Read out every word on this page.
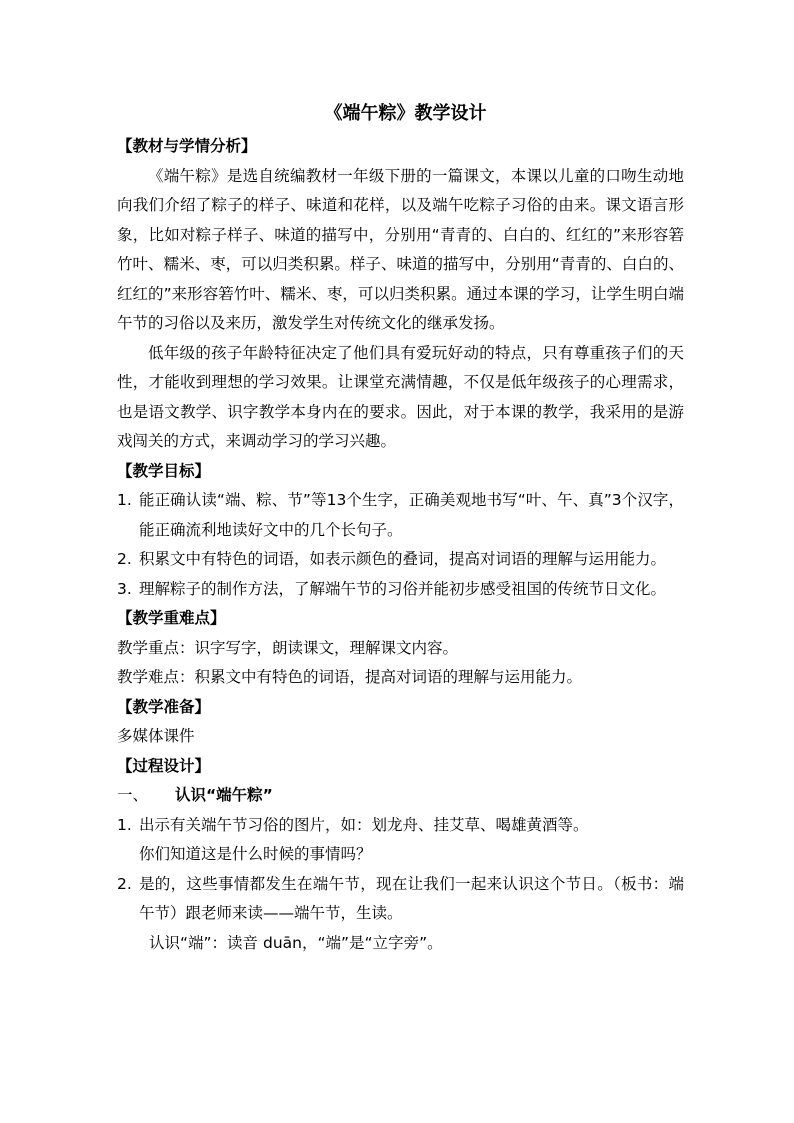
《端午粽》教学设计

【教材与学情分析】

《端午粽》是选自统编教材一年级下册的一篇课文，本课以儿童的口吻生动地向我们介绍了粽子的样子、味道和花样，以及端午吃粽子习俗的由来。课文语言形象，比如对粽子样子、味道的描写中，分别用“青青的、白白的、红红的”来形容箬竹叶、糯米、枣，可以归类积累。样子、味道的描写中，分别用“青青的、白白的、红红的”来形容箬竹叶、糯米、枣，可以归类积累。通过本课的学习，让学生明白端午节的习俗以及来历，激发学生对传统文化的继承发扬。

低年级的孩子年龄特征决定了他们具有爱玩好动的特点，只有尊重孩子们的天性，才能收到理想的学习效果。让课堂充满情趣，不仅是低年级孩子的心理需求，也是语文教学、识字教学本身内在的要求。因此，对于本课的教学，我采用的是游戏闯关的方式，来调动学习的学习兴趣。

【教学目标】

1. 能正确认读“端、粽、节”等13个生字，正确美观地书写“叶、午、真”3个汉字，能正确流利地读好文中的几个长句子。
2. 积累文中有特色的词语，如表示颜色的叠词，提高对词语的理解与运用能力。
3. 理解粽子的制作方法，了解端午节的习俗并能初步感受祖国的传统节日文化。

【教学重难点】

教学重点：识字写字，朗读课文，理解课文内容。

教学难点：积累文中有特色的词语，提高对词语的理解与运用能力。

【教学准备】

多媒体课件

【过程设计】

一、	认识“端午粽”
1. 出示有关端午节习俗的图片，如：划龙舟、挂艾草、喝雄黄酒等。
你们知道这是什么时候的事情吗？
2. 是的，这些事情都发生在端午节，现在让我们一起来认识这个节日。（板书：端午节）跟老师来读——端午节，生读。

认识“端”：读音 duān，“端”是“立字旁”。
